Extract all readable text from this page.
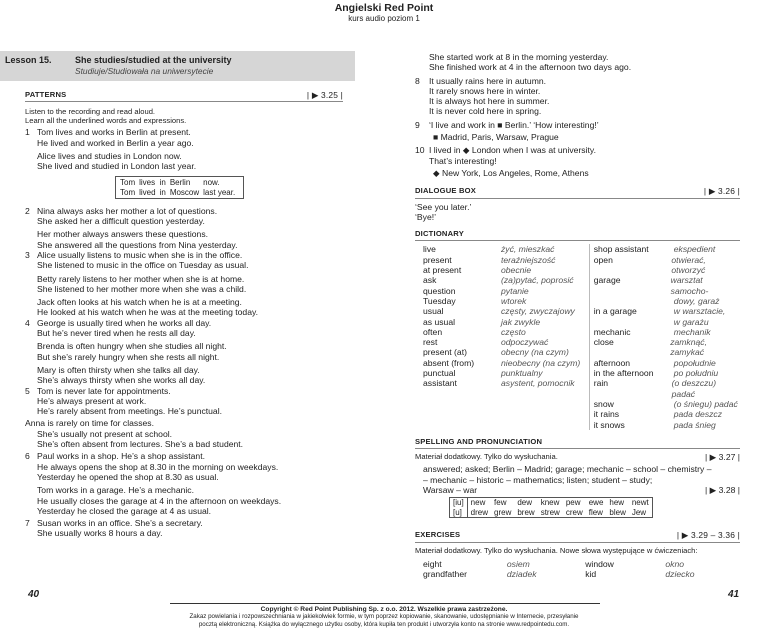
Angielski Red Point
kurs audio poziom 1
Lesson 15.	She studies/studied at the university
Studiuje/Studiowała na uniwersytecie
PATTERNS	| ▶ 3.25 |
Listen to the recording and read aloud.
Learn all the underlined words and expressions.
1 Tom lives and works in Berlin at present.
He lived and worked in Berlin a year ago.
Alice lives and studies in London now.
She lived and studied in London last year.
Tom	lives	in	Berlin	now.
Tom	lived	in	Moscow	last year.
2 Nina always asks her mother a lot of questions.
She asked her a difficult question yesterday.
Her mother always answers these questions.
She answered all the questions from Nina yesterday.
3 Alice usually listens to music when she is in the office.
She listened to music in the office on Tuesday as usual.
Betty rarely listens to her mother when she is at home.
She listened to her mother more when she was a child.
Jack often looks at his watch when he is at a meeting.
He looked at his watch when he was at the meeting today.
4 George is usually tired when he works all day.
But he’s never tired when he rests all day.
Brenda is often hungry when she studies all night.
But she’s rarely hungry when she rests all night.
Mary is often thirsty when she talks all day.
She’s always thirsty when she works all day.
5 Tom is never late for appointments.
He’s always present at work.
He’s rarely absent from meetings. He’s punctual.
Anna is rarely on time for classes.
She’s usually not present at school.
She’s often absent from lectures. She’s a bad student.
6 Paul works in a shop. He’s a shop assistant.
He always opens the shop at 8.30 in the morning on weekdays.
Yesterday he opened the shop at 8.30 as usual.
Tom works in a garage. He’s a mechanic.
He usually closes the garage at 4 in the afternoon on weekdays.
Yesterday he closed the garage at 4 as usual.
7 Susan works in an office. She’s a secretary.
She usually works 8 hours a day.
She started work at 8 in the morning yesterday.
She finished work at 4 in the afternoon two days ago.
8	It usually rains here in autumn.
It rarely snows here in winter.
It is always hot here in summer.
It is never cold here in spring.
9	‘I live and work in ■ Berlin.’ ‘How interesting!’
■ Madrid, Paris, Warsaw, Prague
10 I lived in ◆ London when I was at university.
That’s interesting!
◆ New York, Los Angeles, Rome, Athens
DIALOGUE BOX	| ▶ 3.26 |
‘See you later.’
‘Bye!’
DICTIONARY
live	żyć, mieszkać
present	teraźniejszość
at present	obecnie
ask	(za)pytać, poprosić
question	pytanie
Tuesday	wtorek
usual	częsty, zwyczajowy
as usual	jak zwykle
often	często
rest	odpoczywać
present (at)	obecny (na czym)
absent (from)	nieobecny (na czym)
punctual	punktualny
assistant	asystent, pomocnik
shop assistant	ekspedient
open	otwierać, otworzyć
garage	warsztat samocho-
dowy, garaż
in a garage	w warsztacie,
w garażu
mechanic	mechanik
close	zamknąć, zamykać
afternoon	popołudnie
in the afternoon	po południu
rain	(o deszczu) padać
snow	(o śniegu) padać
it rains	pada deszcz
it snows	pada śnieg
SPELLING AND PRONUNCIATION
Materiał dodatkowy. Tylko do wysłuchania.	| ▶ 3.27 |
answered; asked; Berlin – Madrid; garage; mechanic – school – chemistry –
– mechanic – historic – mathematics; listen; student – study;
Warsaw – war	| ▶ 3.28 |
[iu]	new	few	dew	knew	pew	ewe	hew	newt
[u]	drew	grew	brew	strew	crew	flew	blew	Jew
EXERCISES	| ▶ 3.29 – 3.36 |
Materiał dodatkowy. Tylko do wysłuchania. Nowe słowa występujące w ćwiczeniach:
eight	osiem	window	okno
grandfather	dziadek	kid	dziecko
40	41
Copyright © Red Point Publishing Sp. z o.o. 2012. Wszelkie prawa zastrzeżone.
Zakaz powielania i rozpowszechniania w jakiekolwiek formie, w tym poprzez kopiowanie, skanowanie, udostępnianie w Internecie, przesyłanie
pocztą elektroniczną. Książka do wyłącznego użytku osoby, która kupiła ten produkt i utworzyła konto na stronie www.redpointedu.com.
